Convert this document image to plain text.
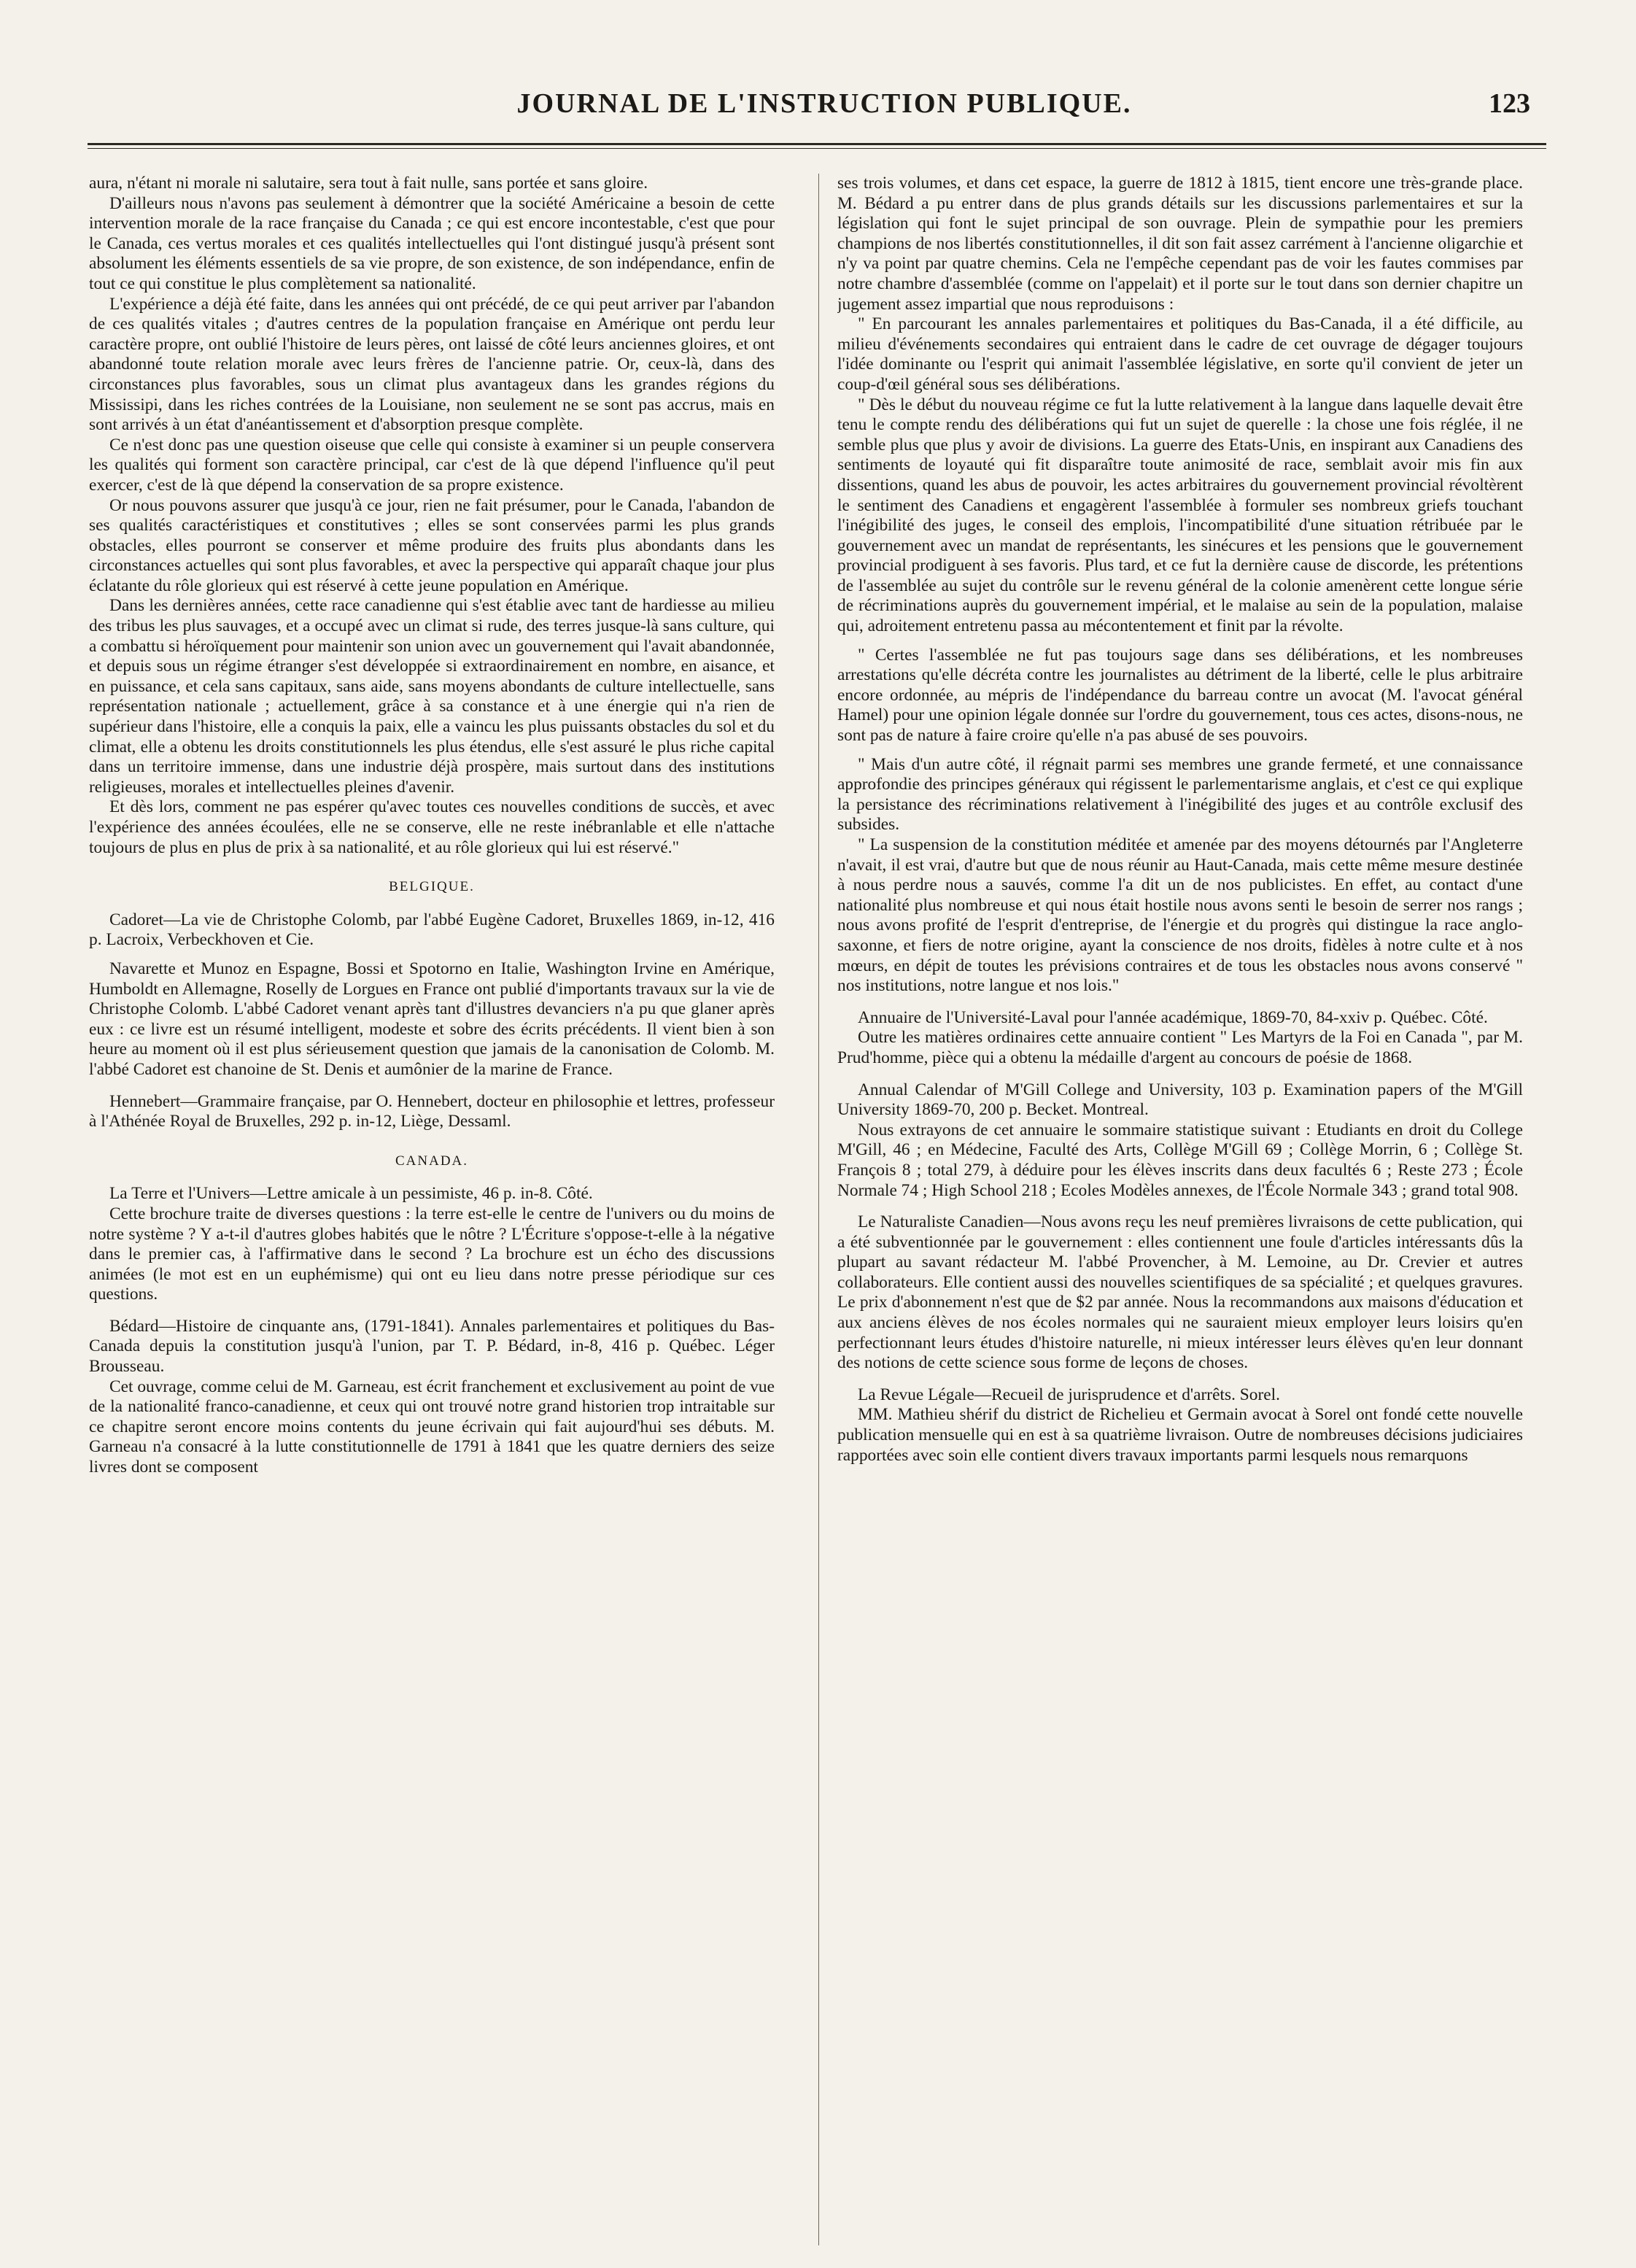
JOURNAL DE L'INSTRUCTION PUBLIQUE.	123

aura, n'étant ni morale ni salutaire, sera tout à fait nulle, sans portée et sans gloire.

D'ailleurs nous n'avons pas seulement à démontrer que la société Américaine a besoin de cette intervention morale de la race française du Canada ; ce qui est encore incontestable, c'est que pour le Canada, ces vertus morales et ces qualités intellectuelles qui l'ont distingué jusqu'à présent sont absolument les éléments essentiels de sa vie propre, de son existence, de son indépendance, enfin de tout ce qui constitue le plus complètement sa nationalité.

L'expérience a déjà été faite, dans les années qui ont précédé, de ce qui peut arriver par l'abandon de ces qualités vitales ; d'autres centres de la population française en Amérique ont perdu leur caractère propre, ont oublié l'histoire de leurs pères, ont laissé de côté leurs anciennes gloires, et ont abandonné toute relation morale avec leurs frères de l'ancienne patrie. Or, ceux-là, dans des circonstances plus favorables, sous un climat plus avantageux dans les grandes régions du Mississipi, dans les riches contrées de la Louisiane, non seulement ne se sont pas accrus, mais en sont arrivés à un état d'anéantissement et d'absorption presque complète.

Ce n'est donc pas une question oiseuse que celle qui consiste à examiner si un peuple conservera les qualités qui forment son caractère principal, car c'est de là que dépend l'influence qu'il peut exercer, c'est de là que dépend la conservation de sa propre existence.

Or nous pouvons assurer que jusqu'à ce jour, rien ne fait présumer, pour le Canada, l'abandon de ses qualités caractéristiques et constitutives ; elles se sont conservées parmi les plus grands obstacles, elles pourront se conserver et même produire des fruits plus abondants dans les circonstances actuelles qui sont plus favorables, et avec la perspective qui apparaît chaque jour plus éclatante du rôle glorieux qui est réservé à cette jeune population en Amérique.

Dans les dernières années, cette race canadienne qui s'est établie avec tant de hardiesse au milieu des tribus les plus sauvages, et a occupé avec un climat si rude, des terres jusque-là sans culture, qui a combattu si héroïquement pour maintenir son union avec un gouvernement qui l'avait abandonnée, et depuis sous un régime étranger s'est développée si extraordinairement en nombre, en aisance, et en puissance, et cela sans capitaux, sans aide, sans moyens abondants de culture intellectuelle, sans représentation nationale ; actuellement, grâce à sa constance et à une énergie qui n'a rien de supérieur dans l'histoire, elle a conquis la paix, elle a vaincu les plus puissants obstacles du sol et du climat, elle a obtenu les droits constitutionnels les plus étendus, elle s'est assuré le plus riche capital dans un territoire immense, dans une industrie déjà prospère, mais surtout dans des institutions religieuses, morales et intellectuelles pleines d'avenir.

Et dès lors, comment ne pas espérer qu'avec toutes ces nouvelles conditions de succès, et avec l'expérience des années écoulées, elle ne se conserve, elle ne reste inébranlable et elle n'attache toujours de plus en plus de prix à sa nationalité, et au rôle glorieux qui lui est réservé."

BELGIQUE.

Cadoret—La vie de Christophe Colomb, par l'abbé Eugène Cadoret, Bruxelles 1869, in-12, 416 p. Lacroix, Verbeckhoven et Cie.

Navarette et Munoz en Espagne, Bossi et Spotorno en Italie, Washington Irvine en Amérique, Humboldt en Allemagne, Roselly de Lorgues en France ont publié d'importants travaux sur la vie de Christophe Colomb. L'abbé Cadoret venant après tant d'illustres devanciers n'a pu que glaner après eux : ce livre est un résumé intelligent, modeste et sobre des écrits précédents. Il vient bien à son heure au moment où il est plus sérieusement question que jamais de la canonisation de Colomb. M. l'abbé Cadoret est chanoine de St. Denis et aumônier de la marine de France.

Hennebert—Grammaire française, par O. Hennebert, docteur en philosophie et lettres, professeur à l'Athénée Royal de Bruxelles, 292 p. in-12, Liège, Dessaml.

CANADA.

La Terre et l'Univers—Lettre amicale à un pessimiste, 46 p. in-8. Côté.

Cette brochure traite de diverses questions : la terre est-elle le centre de l'univers ou du moins de notre système ? Y a-t-il d'autres globes habités que le nôtre ? L'Écriture s'oppose-t-elle à la négative dans le premier cas, à l'affirmative dans le second ? La brochure est un écho des discussions animées (le mot est en un euphémisme) qui ont eu lieu dans notre presse périodique sur ces questions.

Bédard—Histoire de cinquante ans, (1791-1841). Annales parlementaires et politiques du Bas-Canada depuis la constitution jusqu'à l'union, par T. P. Bédard, in-8, 416 p. Québec. Léger Brousseau.

Cet ouvrage, comme celui de M. Garneau, est écrit franchement et exclusivement au point de vue de la nationalité franco-canadienne, et ceux qui ont trouvé notre grand historien trop intraitable sur ce chapitre seront encore moins contents du jeune écrivain qui fait aujourd'hui ses débuts. M. Garneau n'a consacré à la lutte constitutionnelle de 1791 à 1841 que les quatre derniers des seize livres dont se composent

ses trois volumes, et dans cet espace, la guerre de 1812 à 1815, tient encore une très-grande place. M. Bédard a pu entrer dans de plus grands détails sur les discussions parlementaires et sur la législation qui font le sujet principal de son ouvrage. Plein de sympathie pour les premiers champions de nos libertés constitutionnelles, il dit son fait assez carrément à l'ancienne oligarchie et n'y va point par quatre chemins. Cela ne l'empêche cependant pas de voir les fautes commises par notre chambre d'assemblée (comme on l'appelait) et il porte sur le tout dans son dernier chapitre un jugement assez impartial que nous reproduisons :

" En parcourant les annales parlementaires et politiques du Bas-Canada, il a été difficile, au milieu d'événements secondaires qui entraient dans le cadre de cet ouvrage de dégager toujours l'idée dominante ou l'esprit qui animait l'assemblée législative, en sorte qu'il convient de jeter un coup-d'œil général sous ses délibérations.

" Dès le début du nouveau régime ce fut la lutte relativement à la langue dans laquelle devait être tenu le compte rendu des délibérations qui fut un sujet de querelle : la chose une fois réglée, il ne semble plus que plus y avoir de divisions. La guerre des Etats-Unis, en inspirant aux Canadiens des sentiments de loyauté qui fit disparaître toute animosité de race, semblait avoir mis fin aux dissentions, quand les abus de pouvoir, les actes arbitraires du gouvernement provincial révoltèrent le sentiment des Canadiens et engagèrent l'assemblée à formuler ses nombreux griefs touchant l'inégibilité des juges, le conseil des emplois, l'incompatibilité d'une situation rétribuée par le gouvernement avec un mandat de représentants, les sinécures et les pensions que le gouvernement provincial prodiguent à ses favoris. Plus tard, et ce fut la dernière cause de discorde, les prétentions de l'assemblée au sujet du contrôle sur le revenu général de la colonie amenèrent cette longue série de récriminations auprès du gouvernement impérial, et le malaise au sein de la population, malaise qui, adroitement entretenu passa au mécontentement et finit par la révolte.

" Certes l'assemblée ne fut pas toujours sage dans ses délibérations, et les nombreuses arrestations qu'elle décréta contre les journalistes au détriment de la liberté, celle le plus arbitraire encore ordonnée, au mépris de l'indépendance du barreau contre un avocat (M. l'avocat général Hamel) pour une opinion légale donnée sur l'ordre du gouvernement, tous ces actes, disons-nous, ne sont pas de nature à faire croire qu'elle n'a pas abusé de ses pouvoirs.

" Mais d'un autre côté, il régnait parmi ses membres une grande fermeté, et une connaissance approfondie des principes généraux qui régissent le parlementarisme anglais, et c'est ce qui explique la persistance des récriminations relativement à l'inégibilité des juges et au contrôle exclusif des subsides.

" La suspension de la constitution méditée et amenée par des moyens détournés par l'Angleterre n'avait, il est vrai, d'autre but que de nous réunir au Haut-Canada, mais cette même mesure destinée à nous perdre nous a sauvés, comme l'a dit un de nos publicistes. En effet, au contact d'une nationalité plus nombreuse et qui nous était hostile nous avons senti le besoin de serrer nos rangs ; nous avons profité de l'esprit d'entreprise, de l'énergie et du progrès qui distingue la race anglo-saxonne, et fiers de notre origine, ayant la conscience de nos droits, fidèles à notre culte et à nos mœurs, en dépit de toutes les prévisions contraires et de tous les obstacles nous avons conservé " nos institutions, notre langue et nos lois."

Annuaire de l'Université-Laval pour l'année académique, 1869-70, 84-xxiv p. Québec. Côté.

Outre les matières ordinaires cette annuaire contient " Les Martyrs de la Foi en Canada ", par M. Prud'homme, pièce qui a obtenu la médaille d'argent au concours de poésie de 1868.

Annual Calendar of M'Gill College and University, 103 p. Examination papers of the M'Gill University 1869-70, 200 p. Becket. Montreal.

Nous extrayons de cet annuaire le sommaire statistique suivant : Etudiants en droit du College M'Gill, 46 ; en Médecine, Faculté des Arts, Collège M'Gill 69 ; Collège Morrin, 6 ; Collège St. François 8 ; total 279, à déduire pour les élèves inscrits dans deux facultés 6 ; Reste 273 ; École Normale 74 ; High School 218 ; Ecoles Modèles annexes, de l'École Normale 343 ; grand total 908.

Le Naturaliste Canadien—Nous avons reçu les neuf premières livraisons de cette publication, qui a été subventionnée par le gouvernement : elles contiennent une foule d'articles intéressants dûs la plupart au savant rédacteur M. l'abbé Provencher, à M. Lemoine, au Dr. Crevier et autres collaborateurs. Elle contient aussi des nouvelles scientifiques de sa spécialité ; et quelques gravures. Le prix d'abonnement n'est que de $2 par année. Nous la recommandons aux maisons d'éducation et aux anciens élèves de nos écoles normales qui ne sauraient mieux employer leurs loisirs qu'en perfectionnant leurs études d'histoire naturelle, ni mieux intéresser leurs élèves qu'en leur donnant des notions de cette science sous forme de leçons de choses.

La Revue Légale—Recueil de jurisprudence et d'arrêts. Sorel.

MM. Mathieu shérif du district de Richelieu et Germain avocat à Sorel ont fondé cette nouvelle publication mensuelle qui en est à sa quatrième livraison. Outre de nombreuses décisions judiciaires rapportées avec soin elle contient divers travaux importants parmi lesquels nous remarquons
